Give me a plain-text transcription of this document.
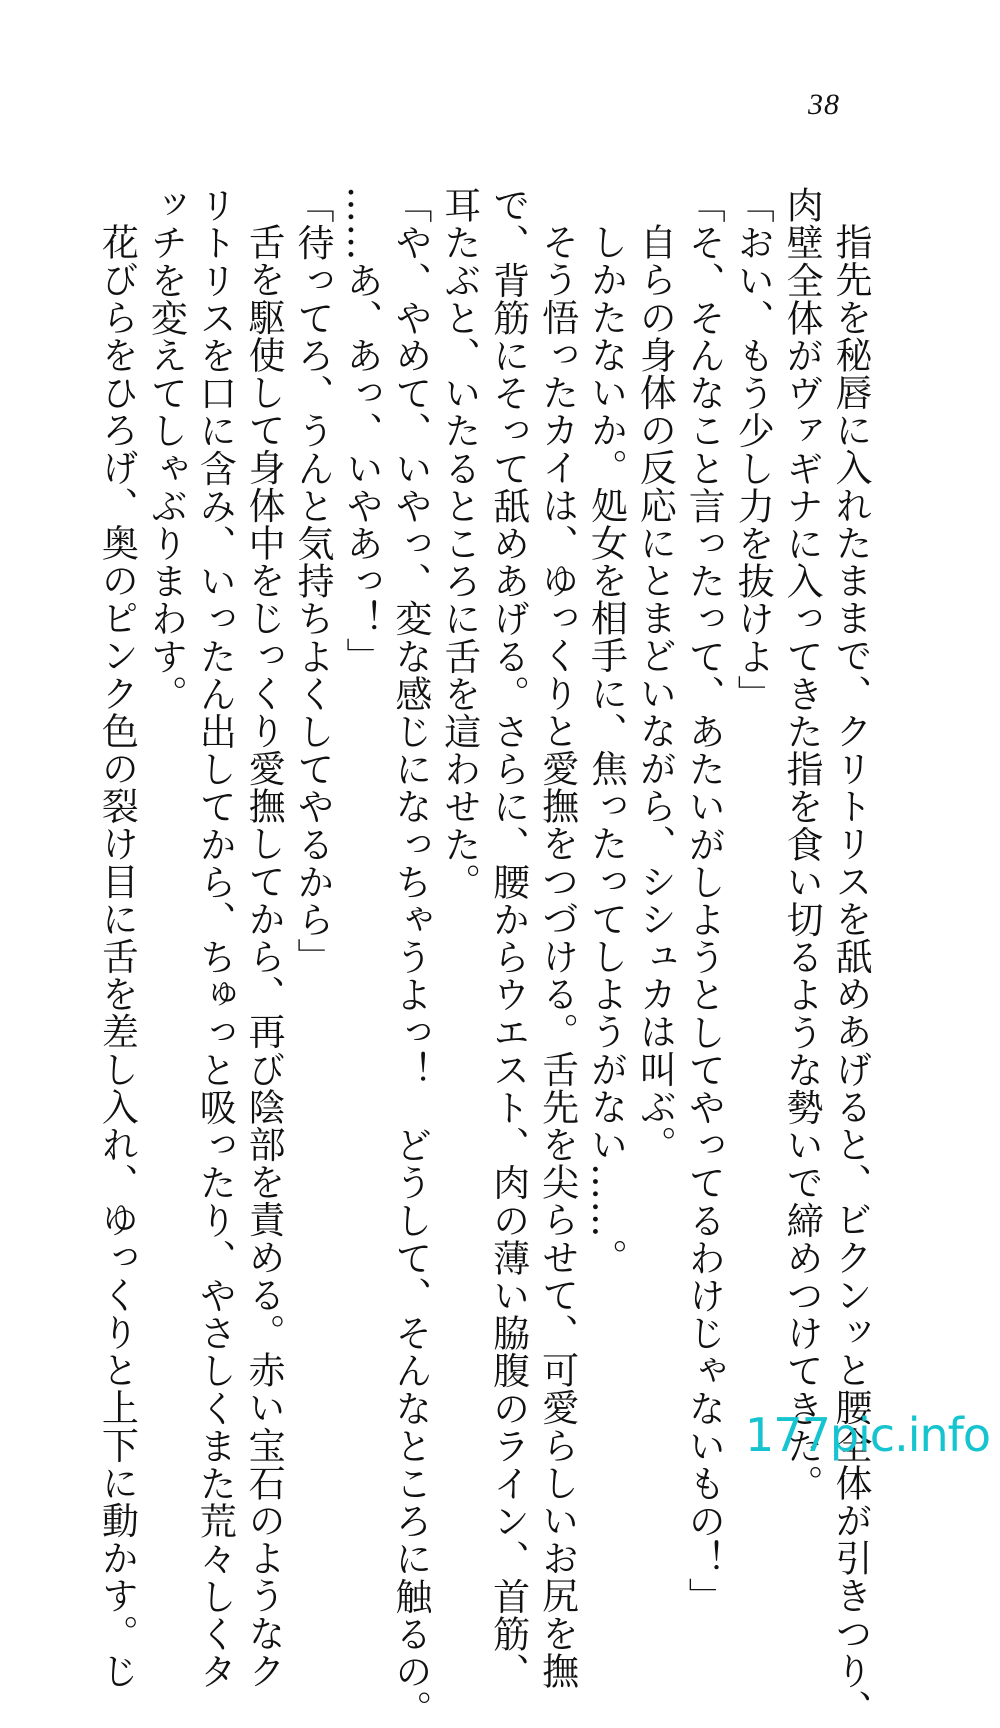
38

指先を秘唇に入れたままで、クリトリスを舐めあげると、ビクンッと腰全体が引きつり、

肉壁全体がヴァギナに入ってきた指を食い切るような勢いで締めつけてきた。

「おい、もう少し力を抜けよ」

「そ、そんなこと言ったって、あたいがしようとしてやってるわけじゃないもの！」

自らの身体の反応にとまどいながら、シシュカは叫ぶ。

しかたないか。処女を相手に、焦ったってしようがない……。

そう悟ったカイは、ゆっくりと愛撫をつづける。舌先を尖らせて、可愛らしいお尻を撫

で、背筋にそって舐めあげる。さらに、腰からウエスト、肉の薄い脇腹のライン、首筋、

耳たぶと、いたるところに舌を這わせた。

「や、やめて、いやっ、変な感じになっちゃうよっ！　どうして、そんなところに触るの。

……あ、あっ、いやあっ！」

「待ってろ、うんと気持ちよくしてやるから」

舌を駆使して身体中をじっくり愛撫してから、再び陰部を責める。赤い宝石のようなク

リトリスを口に含み、いったん出してから、ちゅっと吸ったり、やさしくまた荒々しくタ

ッチを変えてしゃぶりまわす。

花びらをひろげ、奥のピンク色の裂け目に舌を差し入れ、ゆっくりと上下に動かす。じ	177pic.info
